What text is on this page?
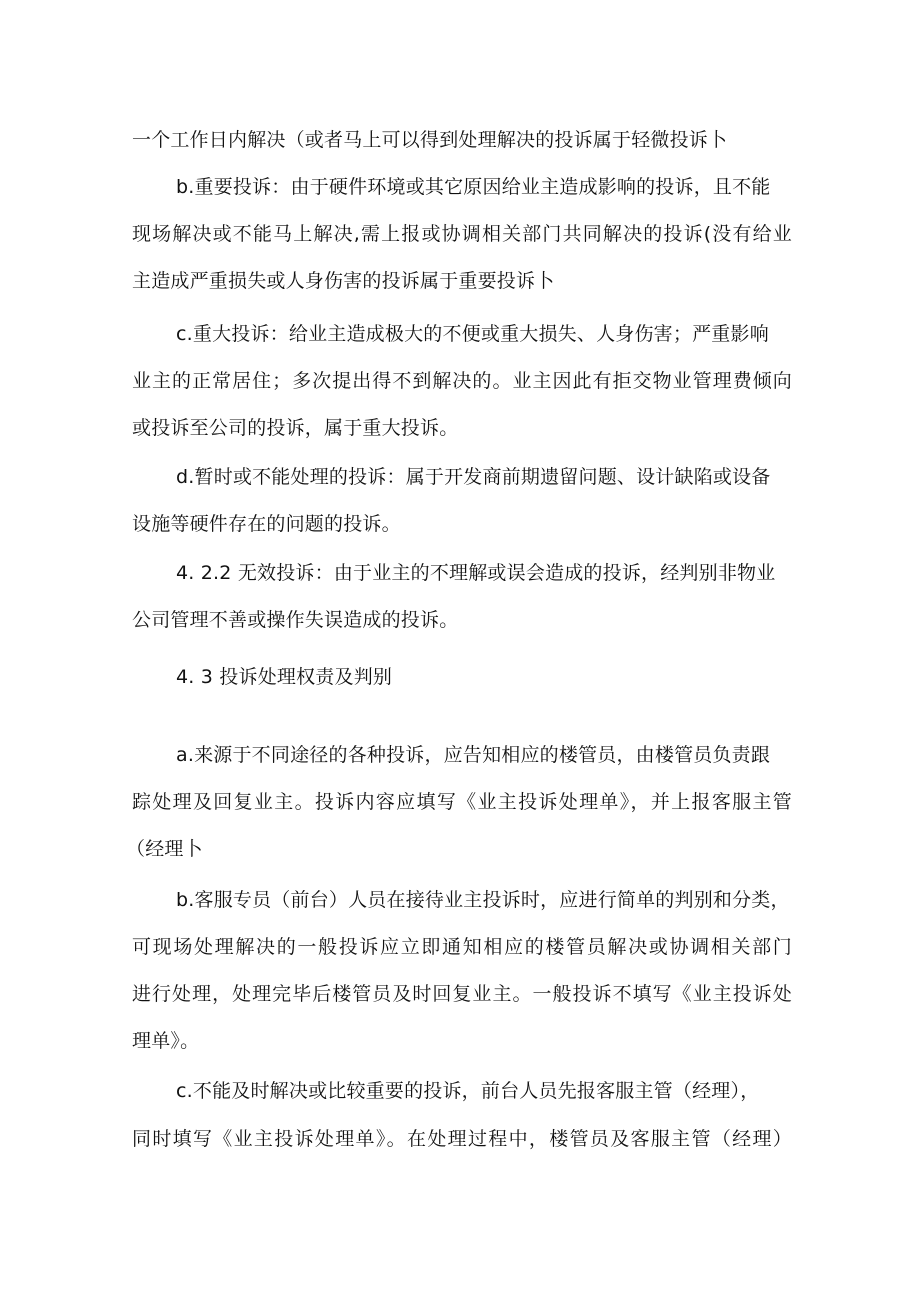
一个工作日内解决（或者马上可以得到处理解决的投诉属于轻微投诉卜
b.重要投诉：由于硬件环境或其它原因给业主造成影响的投诉，且不能
现场解决或不能马上解决,需上报或协调相关部门共同解决的投诉(没有给业
主造成严重损失或人身伤害的投诉属于重要投诉卜
c.重大投诉：给业主造成极大的不便或重大损失、人身伤害；严重影响
业主的正常居住；多次提出得不到解决的。业主因此有拒交物业管理费倾向
或投诉至公司的投诉，属于重大投诉。
d.暂时或不能处理的投诉：属于开发商前期遗留问题、设计缺陷或设备
设施等硬件存在的问题的投诉。
4. 2.2 无效投诉：由于业主的不理解或误会造成的投诉，经判别非物业
公司管理不善或操作失误造成的投诉。
4. 3 投诉处理权责及判别
a.来源于不同途径的各种投诉，应告知相应的楼管员，由楼管员负责跟
踪处理及回复业主。投诉内容应填写《业主投诉处理单》，并上报客服主管
（经理卜
b.客服专员（前台）人员在接待业主投诉时，应进行简单的判别和分类，
可现场处理解决的一般投诉应立即通知相应的楼管员解决或协调相关部门
进行处理，处理完毕后楼管员及时回复业主。一般投诉不填写《业主投诉处
理单》。
c.不能及时解决或比较重要的投诉，前台人员先报客服主管（经理），
同时填写《业主投诉处理单》。在处理过程中，楼管员及客服主管（经理）
